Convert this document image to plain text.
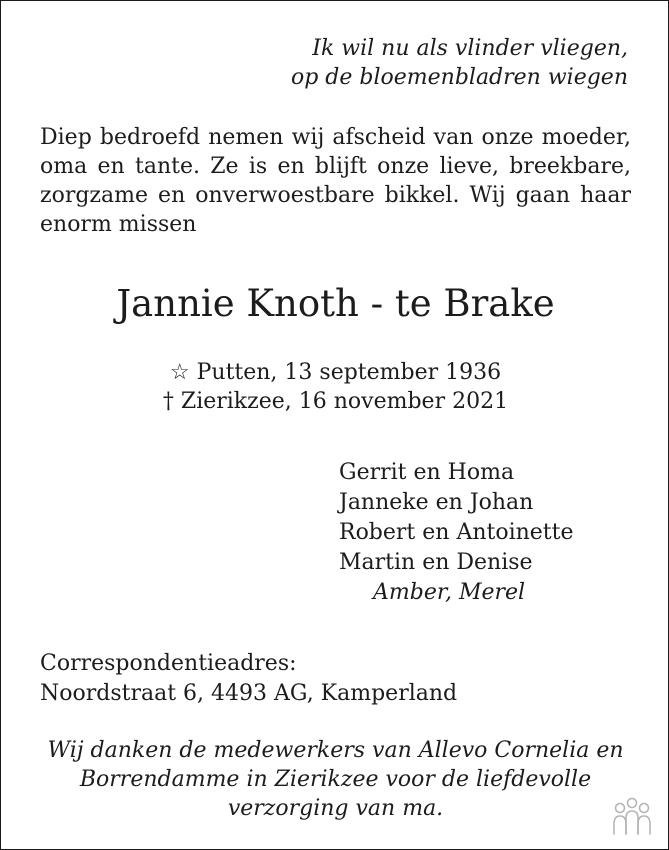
Ik wil nu als vlinder vliegen,
op de bloemenbladren wiegen
Diep bedroefd nemen wij afscheid van onze moeder,
oma en tante. Ze is en blijft onze lieve, breekbare,
zorgzame en onverwoestbare bikkel. Wij gaan haar
enorm missen
Jannie Knoth - te Brake
☆ Putten, 13 september 1936
† Zierikzee, 16 november 2021
Gerrit en Homa
Janneke en Johan
Robert en Antoinette
Martin en Denise
Amber, Merel
Correspondentieadres:
Noordstraat 6, 4493 AG, Kamperland
Wij danken de medewerkers van Allevo Cornelia en
Borrendamme in Zierikzee voor de liefdevolle
verzorging van ma.
